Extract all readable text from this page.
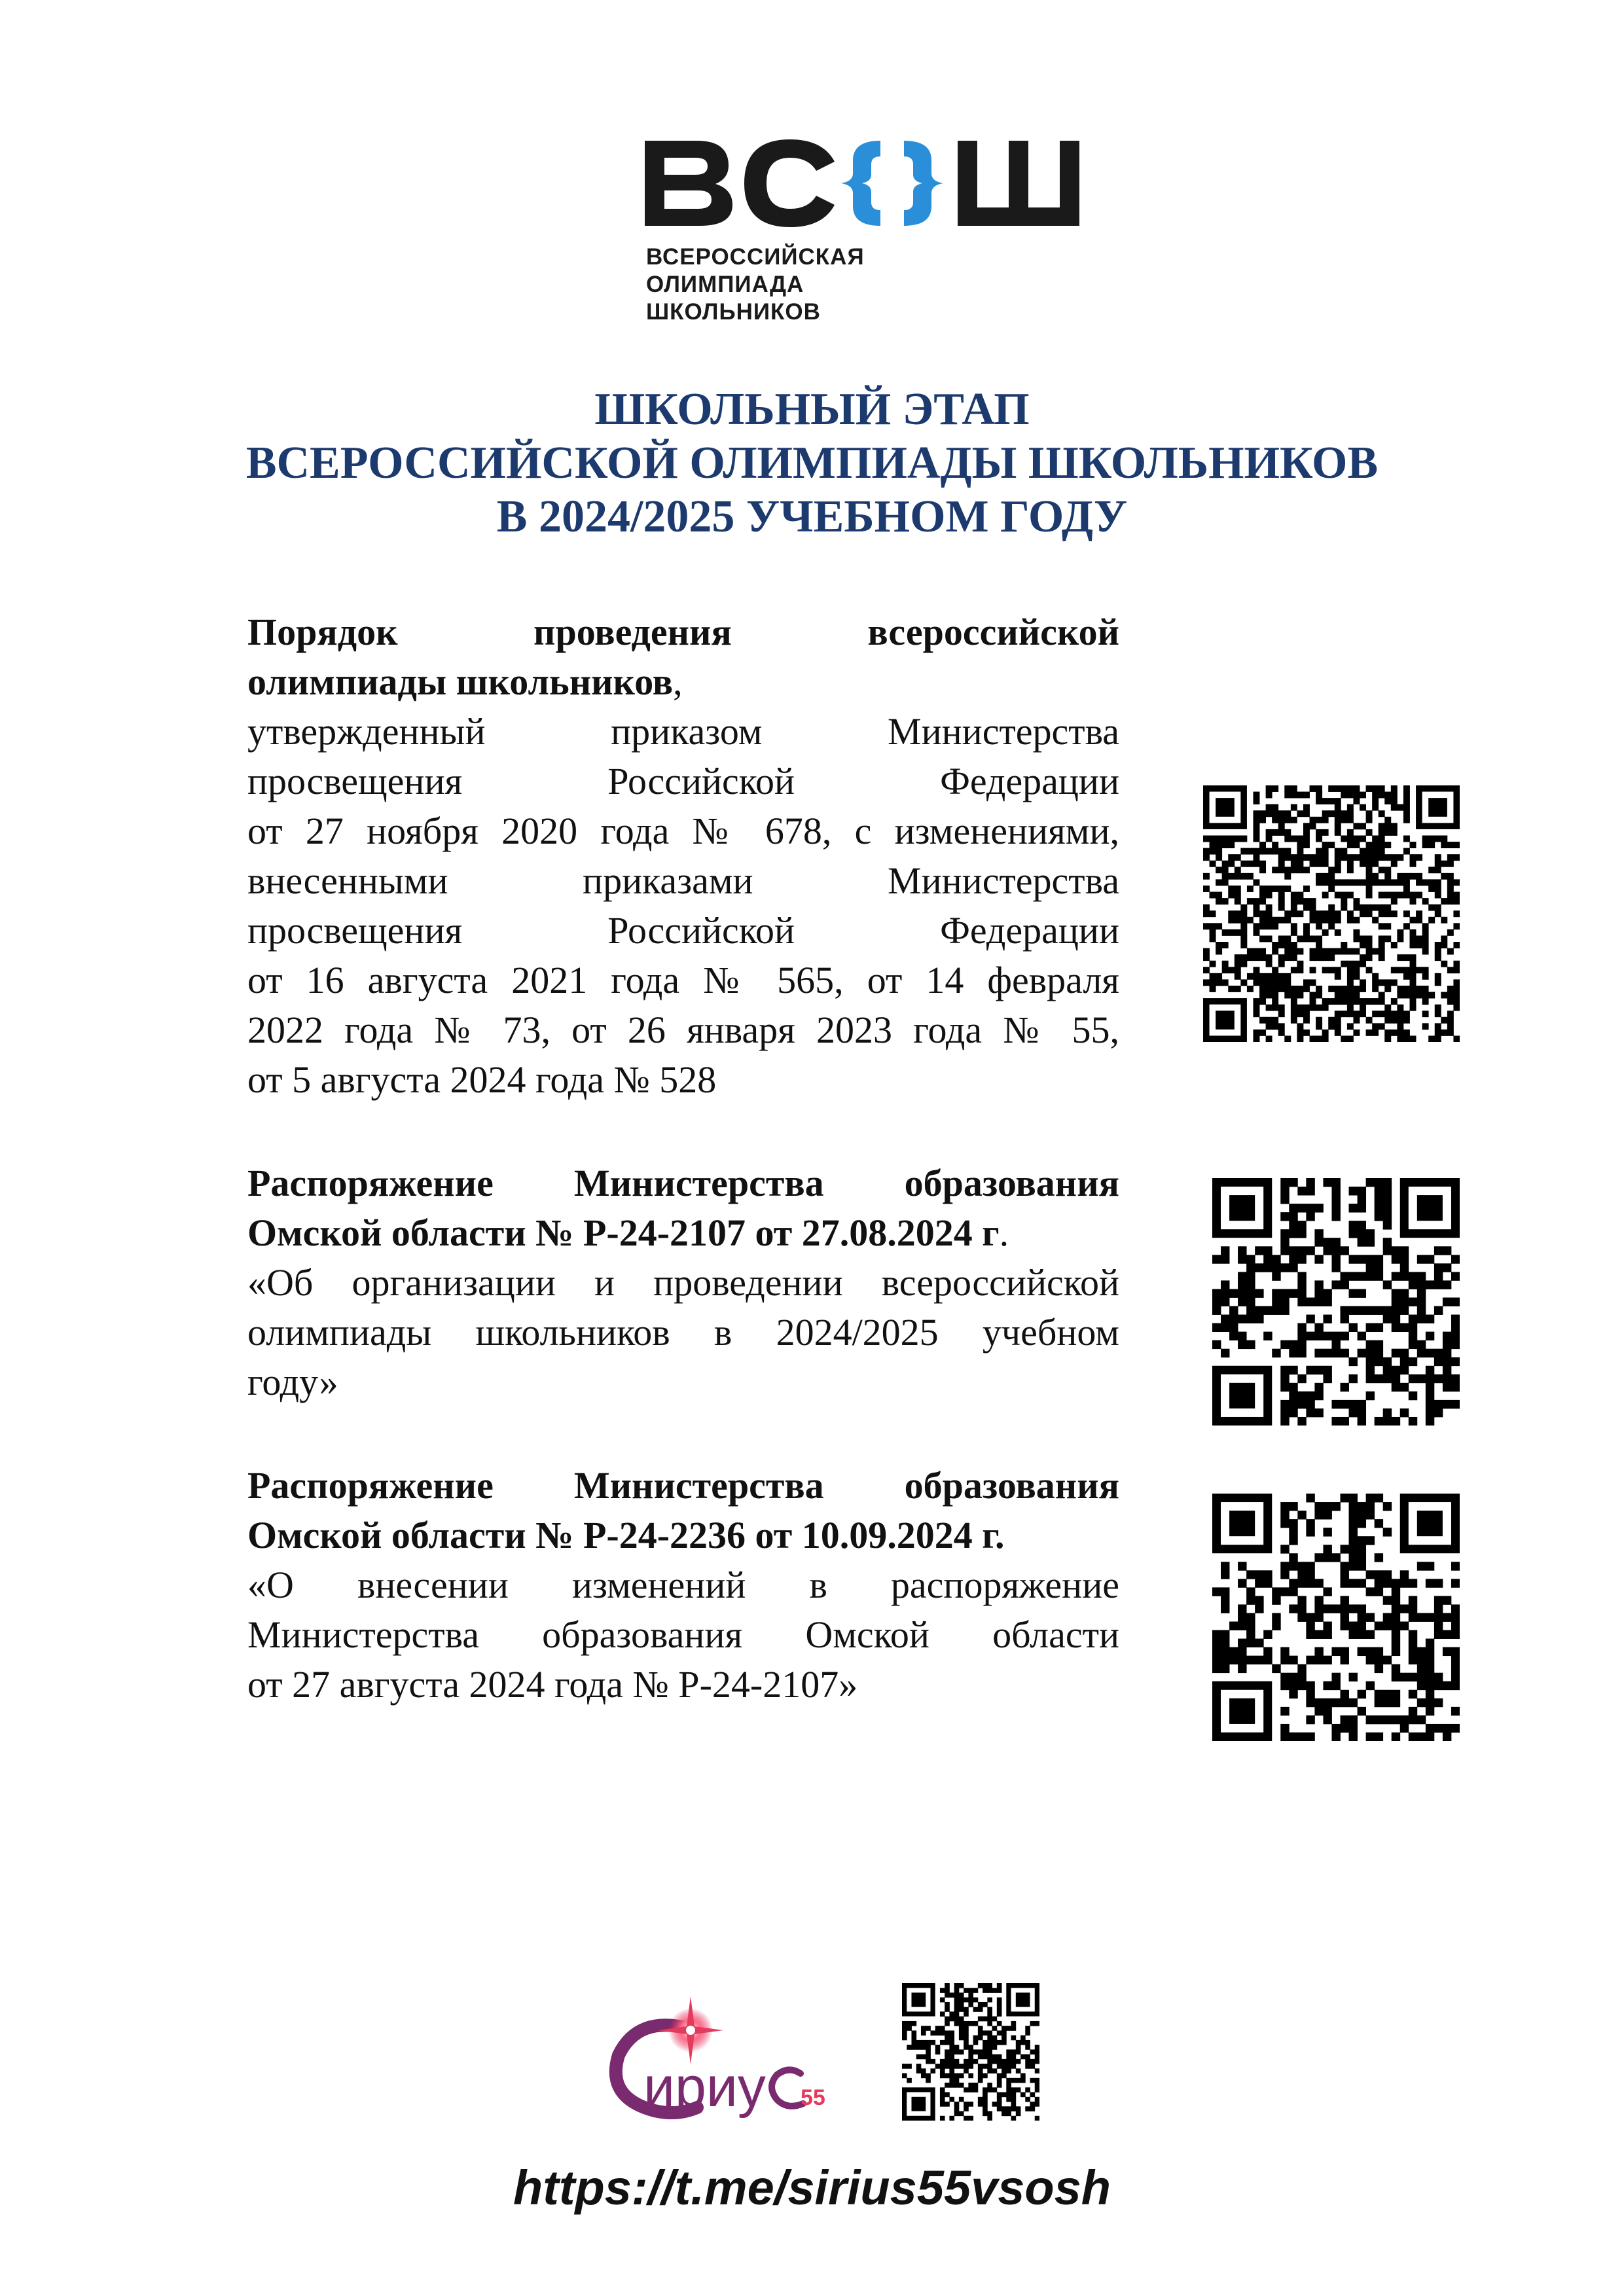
ВСЕРОССИЙСКАЯ
ОЛИМПИАДА
ШКОЛЬНИКОВ
ШКОЛЬНЫЙ ЭТАП
ВСЕРОССИЙСКОЙ ОЛИМПИАДЫ ШКОЛЬНИКОВ
В 2024/2025 УЧЕБНОМ ГОДУ
Порядок проведения всероссийской
олимпиады школьников,
утвержденный приказом Министерства
просвещения Российской Федерации
от 27 ноября 2020 года № 678, с изменениями,
внесенными приказами Министерства
просвещения Российской Федерации
от 16 августа 2021 года № 565, от 14 февраля
2022 года № 73, от 26 января 2023 года № 55,
от 5 августа 2024 года № 528
Распоряжение Министерства образования
Омской области № Р-24-2107 от 27.08.2024 г.
«Об организации и проведении всероссийской
олимпиады школьников в 2024/2025 учебном
году»
Распоряжение Министерства образования
Омской области № Р-24-2236 от 10.09.2024 г.
«О внесении изменений в распоряжение
Министерства образования Омской области
от 27 августа 2024 года № Р-24-2107»
ириу 55
https://t.me/sirius55vsosh
